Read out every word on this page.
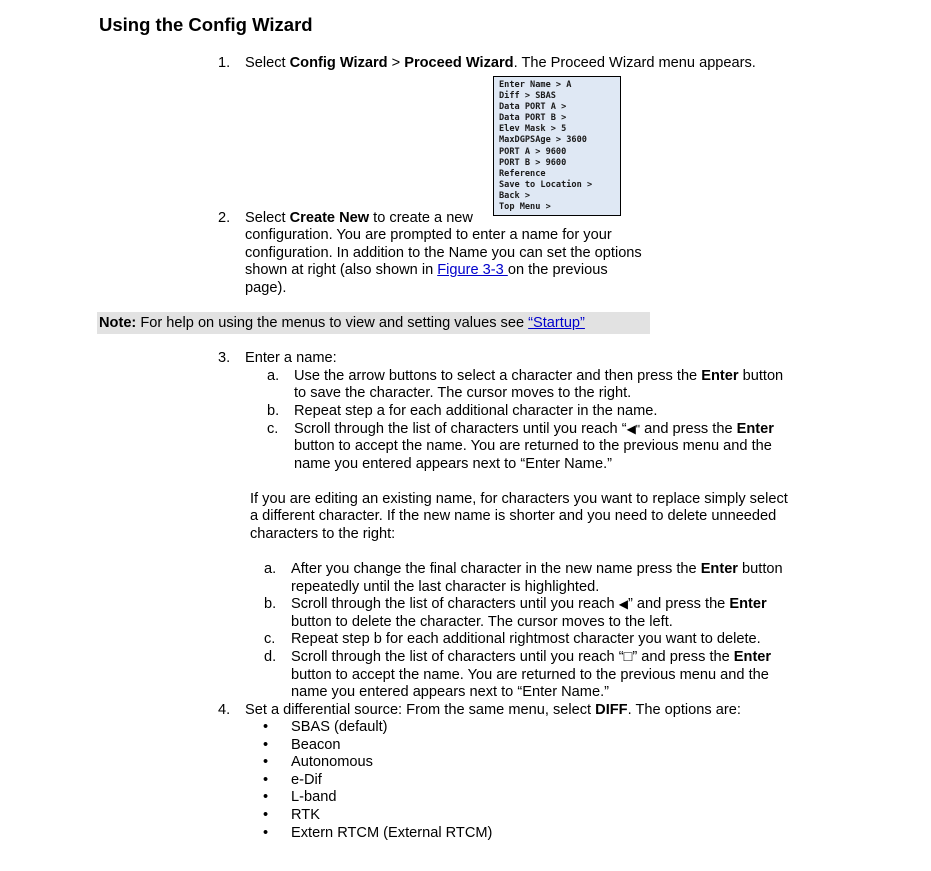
Using the Config Wizard
1. Select Config Wizard > Proceed Wizard. The Proceed Wizard menu appears.
Enter Name > A
Diff > SBAS
Data PORT A >
Data PORT B >
Elev Mask > 5
MaxDGPSAge > 3600
PORT A > 9600
PORT B > 9600
Reference
Save to Location >
Back >
Top Menu >
2. Select Create New to create a new
configuration. You are prompted to enter a name for your
configuration. In addition to the Name you can set the options
shown at right (also shown in Figure 3-3 on the previous
page).
Note: For help on using the menus to view and setting values see “Startup”
3. Enter a name:
a. Use the arrow buttons to select a character and then press the Enter button
to save the character. The cursor moves to the right.
b. Repeat step a for each additional character in the name.
c. Scroll through the list of characters until you reach “◀ʺ and press the Enter
button to accept the name. You are returned to the previous menu and the
name you entered appears next to “Enter Name.”
If you are editing an existing name, for characters you want to replace simply select
a different character. If the new name is shorter and you need to delete unneeded
characters to the right:
a. After you change the final character in the new name press the Enter button
repeatedly until the last character is highlighted.
b. Scroll through the list of characters until you reach ◀” and press the Enter
button to delete the character. The cursor moves to the left.
c. Repeat step b for each additional rightmost character you want to delete.
d. Scroll through the list of characters until you reach “□” and press the Enter
button to accept the name. You are returned to the previous menu and the
name you entered appears next to “Enter Name.”
4. Set a differential source: From the same menu, select DIFF. The options are:
• SBAS (default)
• Beacon
• Autonomous
• e-Dif
• L-band
• RTK
• Extern RTCM (External RTCM)
